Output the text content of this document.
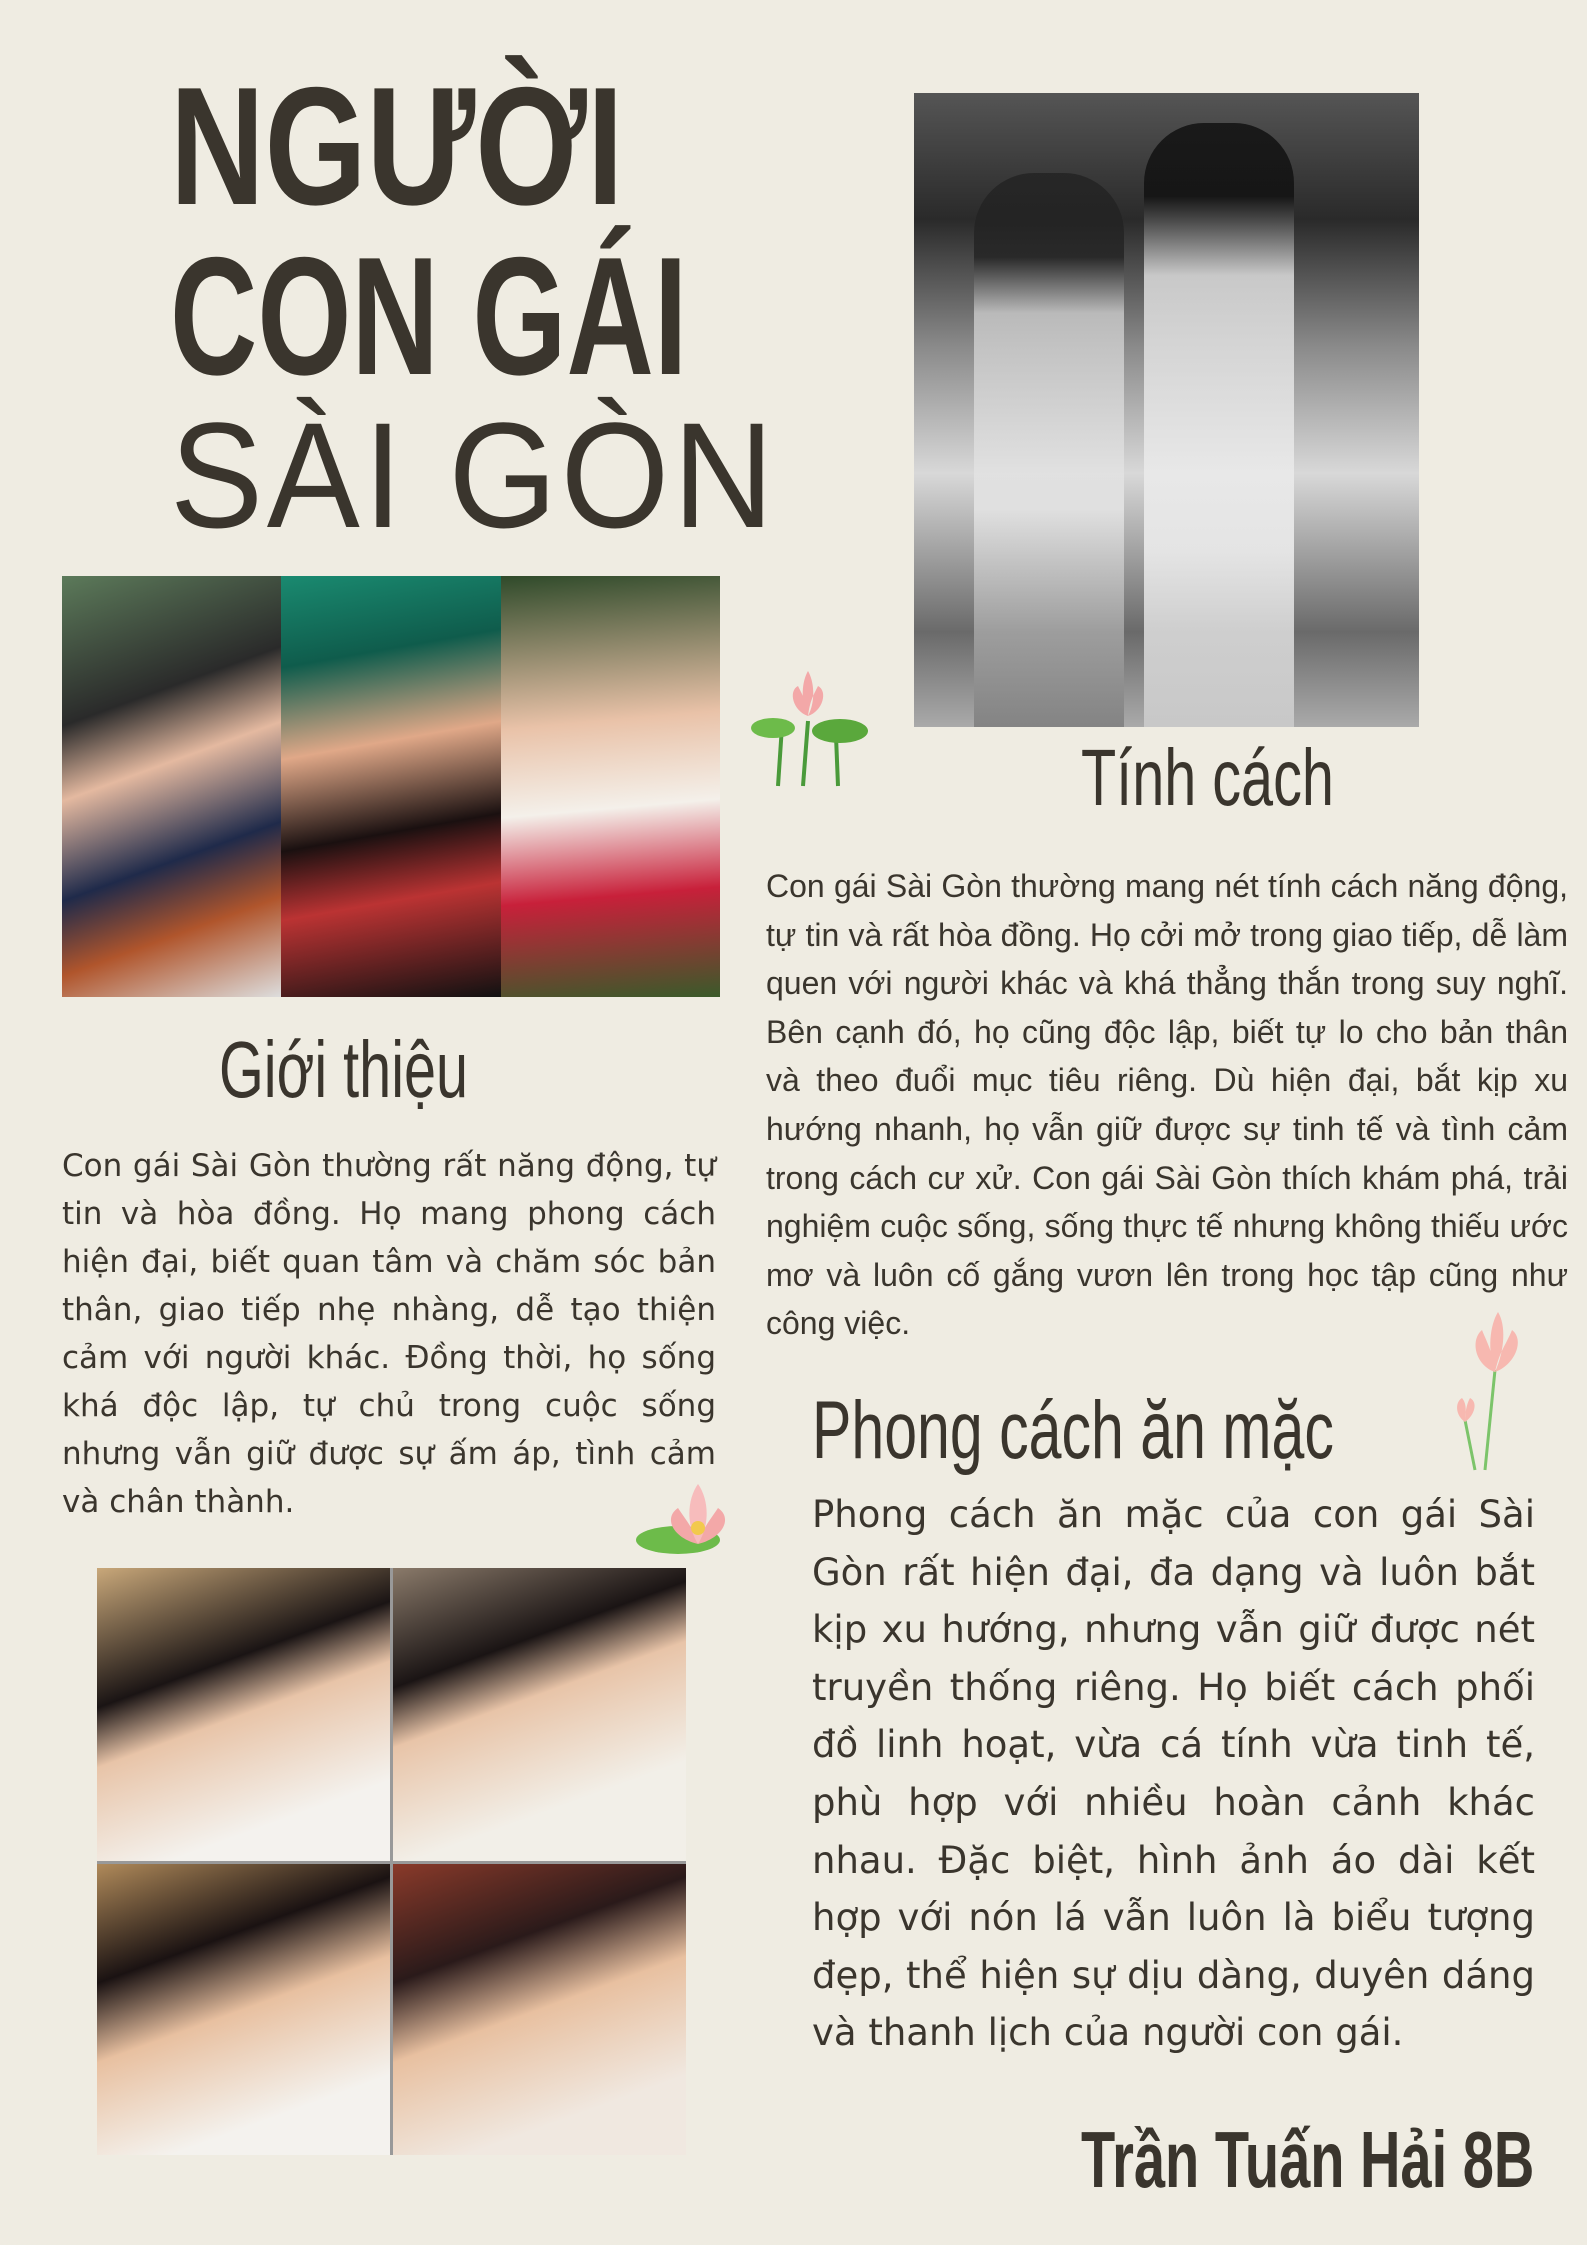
NGƯỜI
CON GÁI
SÀI GÒN
Giới thiệu
Con gái Sài Gòn thường rất năng động, tự tin và hòa đồng. Họ mang phong cách hiện đại, biết quan tâm và chăm sóc bản thân, giao tiếp nhẹ nhàng, dễ tạo thiện cảm với người khác. Đồng thời, họ sống khá độc lập, tự chủ trong cuộc sống nhưng vẫn giữ được sự ấm áp, tình cảm và chân thành.
Tính cách
Con gái Sài Gòn thường mang nét tính cách năng động, tự tin và rất hòa đồng. Họ cởi mở trong giao tiếp, dễ làm quen với người khác và khá thẳng thắn trong suy nghĩ. Bên cạnh đó, họ cũng độc lập, biết tự lo cho bản thân và theo đuổi mục tiêu riêng. Dù hiện đại, bắt kịp xu hướng nhanh, họ vẫn giữ được sự tinh tế và tình cảm trong cách cư xử. Con gái Sài Gòn thích khám phá, trải nghiệm cuộc sống, sống thực tế nhưng không thiếu ước mơ và luôn cố gắng vươn lên trong học tập cũng như công việc.
Phong cách ăn mặc
Phong cách ăn mặc của con gái Sài Gòn rất hiện đại, đa dạng và luôn bắt kịp xu hướng, nhưng vẫn giữ được nét truyền thống riêng. Họ biết cách phối đồ linh hoạt, vừa cá tính vừa tinh tế, phù hợp với nhiều hoàn cảnh khác nhau. Đặc biệt, hình ảnh áo dài kết hợp với nón lá vẫn luôn là biểu tượng đẹp, thể hiện sự dịu dàng, duyên dáng và thanh lịch của người con gái.
Trần Tuấn Hải 8B
